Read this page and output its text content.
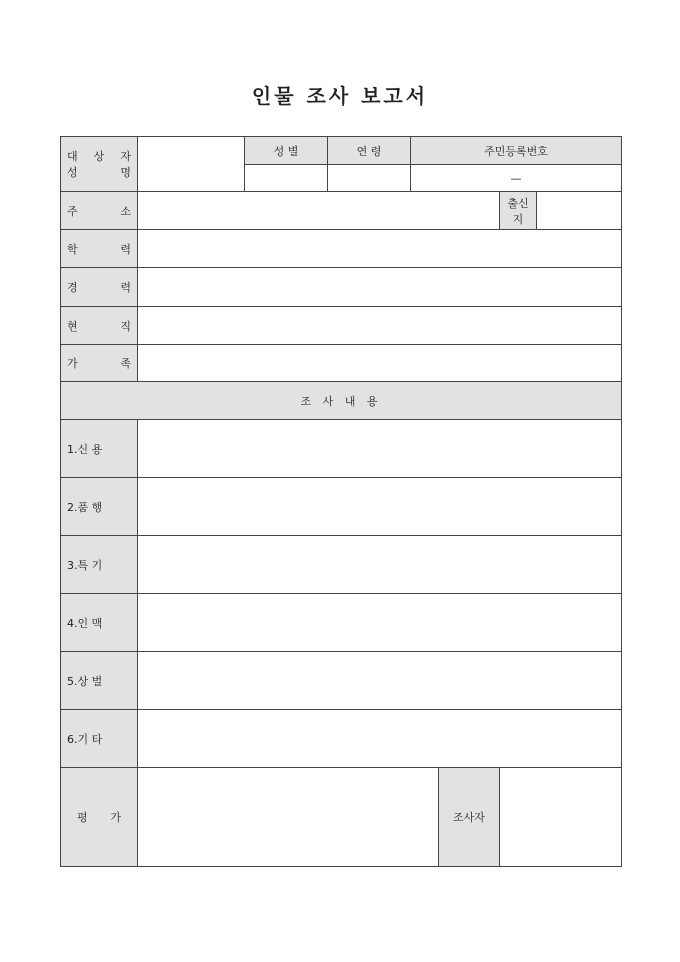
인물 조사 보고서
대 상 자
성 명		성 별	연 령	주민등록번호			
				—			
주 소						출신지	
학 력							
경 력							
현 직							
가 족							
조 사 내 용							
1.신 용							
2.품 행							
3.특 기							
4.인 맥							
5.상 벌							
6.기 타							

평 가					조사자		
